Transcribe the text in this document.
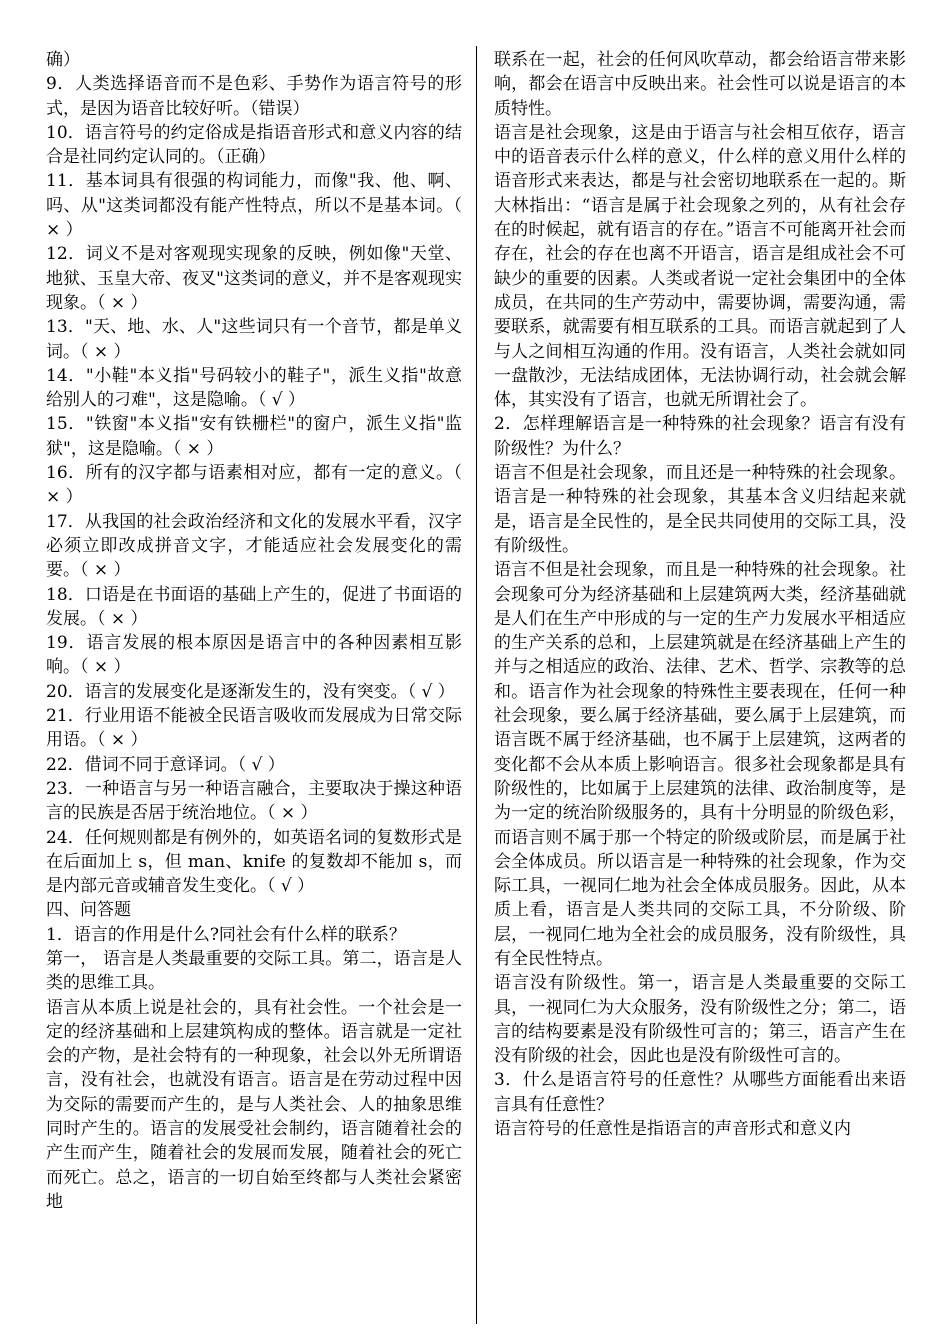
确）

9．人类选择语音而不是色彩、手势作为语言符号的形式，是因为语音比较好听。（错误）

10．语言符号的约定俗成是指语音形式和意义内容的结合是社同约定认同的。（正确）

11．基本词具有很强的构词能力，而像"我、他、啊、吗、从"这类词都没有能产性特点，所以不是基本词。（ × ）

12．词义不是对客观现实现象的反映，例如像"天堂、地狱、玉皇大帝、夜叉"这类词的意义，并不是客观现实现象。（ × ）

13．"天、地、水、人"这些词只有一个音节，都是单义词。（ × ）

14．"小鞋"本义指"号码较小的鞋子"，派生义指"故意给别人的刁难"，这是隐喻。（ √ ）

15．"铁窗"本义指"安有铁栅栏"的窗户，派生义指"监狱"，这是隐喻。（ × ）

16．所有的汉字都与语素相对应，都有一定的意义。（ × ）

17．从我国的社会政治经济和文化的发展水平看，汉字必须立即改成拼音文字，才能适应社会发展变化的需要。（ × ）

18．口语是在书面语的基础上产生的，促进了书面语的发展。（ × ）

19．语言发展的根本原因是语言中的各种因素相互影响。（ × ）

20．语言的发展变化是逐渐发生的，没有突变。（ √ ）

21．行业用语不能被全民语言吸收而发展成为日常交际用语。（ × ）

22．借词不同于意译词。（ √ ）

23．一种语言与另一种语言融合，主要取决于操这种语言的民族是否居于统治地位。（ × ）

24．任何规则都是有例外的，如英语名词的复数形式是在后面加上 s，但 man、knife 的复数却不能加 s，而是内部元音或辅音发生变化。（ √ ）

四、问答题

1．语言的作用是什么?同社会有什么样的联系？

第一， 语言是人类最重要的交际工具。第二，语言是人类的思维工具。

语言从本质上说是社会的，具有社会性。一个社会是一定的经济基础和上层建筑构成的整体。语言就是一定社会的产物，是社会特有的一种现象，社会以外无所谓语言，没有社会，也就没有语言。语言是在劳动过程中因为交际的需要而产生的，是与人类社会、人的抽象思维同时产生的。语言的发展受社会制约，语言随着社会的产生而产生，随着社会的发展而发展，随着社会的死亡而死亡。总之，语言的一切自始至终都与人类社会紧密地

联系在一起，社会的任何风吹草动，都会给语言带来影响，都会在语言中反映出来。社会性可以说是语言的本质特性。

语言是社会现象，这是由于语言与社会相互依存，语言中的语音表示什么样的意义，什么样的意义用什么样的语音形式来表达，都是与社会密切地联系在一起的。斯大林指出：“语言是属于社会现象之列的，从有社会存在的时候起，就有语言的存在。”语言不可能离开社会而存在，社会的存在也离不开语言，语言是组成社会不可缺少的重要的因素。人类或者说一定社会集团中的全体成员，在共同的生产劳动中，需要协调，需要沟通，需要联系，就需要有相互联系的工具。而语言就起到了人与人之间相互沟通的作用。没有语言，人类社会就如同一盘散沙，无法结成团体，无法协调行动，社会就会解体，其实没有了语言，也就无所谓社会了。

2．怎样理解语言是一种特殊的社会现象？语言有没有阶级性？为什么？

语言不但是社会现象，而且还是一种特殊的社会现象。语言是一种特殊的社会现象，其基本含义归结起来就是，语言是全民性的，是全民共同使用的交际工具，没有阶级性。

语言不但是社会现象，而且是一种特殊的社会现象。社会现象可分为经济基础和上层建筑两大类，经济基础就是人们在生产中形成的与一定的生产力发展水平相适应的生产关系的总和，上层建筑就是在经济基础上产生的并与之相适应的政治、法律、艺术、哲学、宗教等的总和。语言作为社会现象的特殊性主要表现在，任何一种社会现象，要么属于经济基础，要么属于上层建筑，而语言既不属于经济基础，也不属于上层建筑，这两者的变化都不会从本质上影响语言。很多社会现象都是具有阶级性的，比如属于上层建筑的法律、政治制度等，是为一定的统治阶级服务的，具有十分明显的阶级色彩，而语言则不属于那一个特定的阶级或阶层，而是属于社会全体成员。所以语言是一种特殊的社会现象，作为交际工具，一视同仁地为社会全体成员服务。因此，从本质上看，语言是人类共同的交际工具，不分阶级、阶层，一视同仁地为全社会的成员服务，没有阶级性，具有全民性特点。

语言没有阶级性。第一，语言是人类最重要的交际工具，一视同仁为大众服务，没有阶级性之分；第二，语言的结构要素是没有阶级性可言的；第三，语言产生在没有阶级的社会，因此也是没有阶级性可言的。

3．什么是语言符号的任意性？从哪些方面能看出来语言具有任意性？

语言符号的任意性是指语言的声音形式和意义内
